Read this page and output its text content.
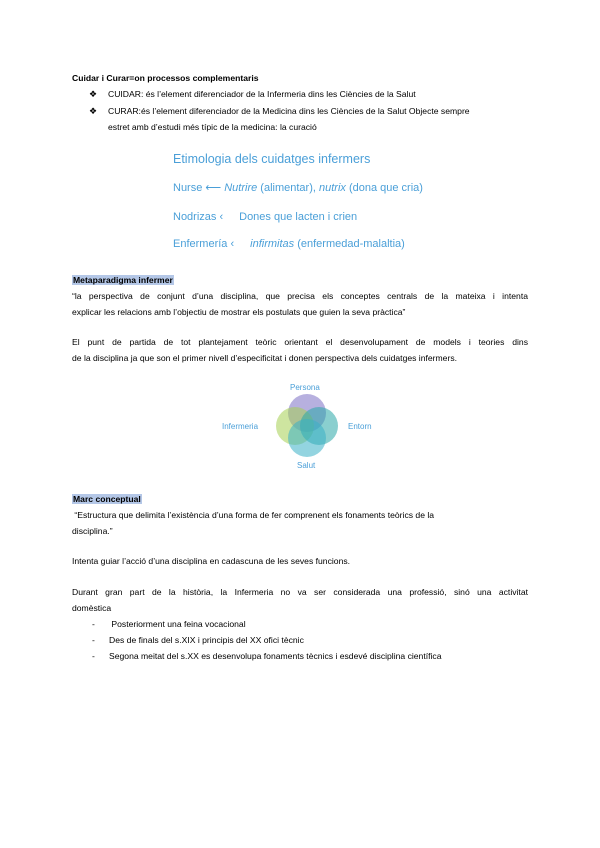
Cuidar i Curar=on processos complementaris
❖ CUIDAR: és l’element diferenciador de la Infermeria dins les Ciències de la Salut
❖ CURAR:és l’element diferenciador de la Medicina dins les Ciències de la Salut Objecte sempre
estret amb d’estudi més típic de la medicina: la curació
Etimologia dels cuidatges infermers
Nurse ⟵ Nutrire (alimentar), nutrix (dona que cria)
Nodrizas ‹ Dones que lacten i crien
Enfermería ‹ infirmitas (enfermedad-malaltia)
Metaparadigma infermer
“la perspectiva de conjunt d’una disciplina, que precisa els conceptes centrals de la mateixa i intenta
explicar les relacions amb l’objectiu de mostrar els postulats que guien la seva pràctica”
El punt de partida de tot plantejament teòric orientant el desenvolupament de models i teories dins
de la disciplina ja que son el primer nivell d’especificitat i donen perspectiva dels cuidatges infermers.
Persona
Infermeria	Entorn
Salut
Marc conceptual
“Estructura que delimita l’existència d’una forma de fer comprenent els fonaments teòrics de la
disciplina.”
Intenta guiar l’acció d’una disciplina en cadascuna de les seves funcions.
Durant gran part de la història, la Infermeria no va ser considerada una professió, sinó una activitat
domèstica
- Posteriorment una feina vocacional
- Des de finals del s.XIX i principis del XX ofici tècnic
- Segona meitat del s.XX es desenvolupa fonaments tècnics i esdevé disciplina científica
